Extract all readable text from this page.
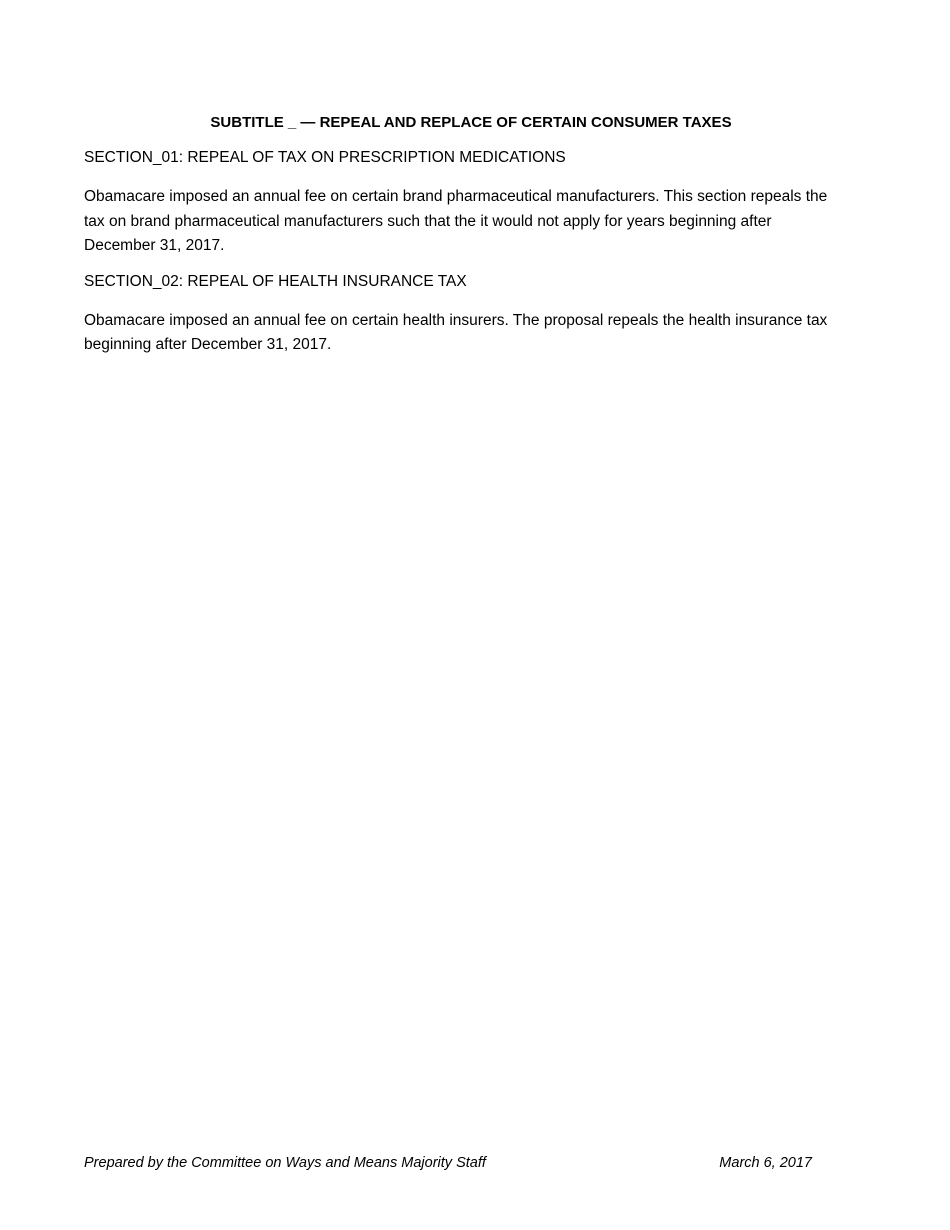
SUBTITLE _ — REPEAL AND REPLACE OF CERTAIN CONSUMER TAXES
SECTION_01: REPEAL OF TAX ON PRESCRIPTION MEDICATIONS
Obamacare imposed an annual fee on certain brand pharmaceutical manufacturers. This section repeals the tax on brand pharmaceutical manufacturers such that the it would not apply for years beginning after December 31, 2017.
SECTION_02: REPEAL OF HEALTH INSURANCE TAX
Obamacare imposed an annual fee on certain health insurers. The proposal repeals the health insurance tax beginning after December 31, 2017.
Prepared by the Committee on Ways and Means Majority Staff	March 6, 2017
